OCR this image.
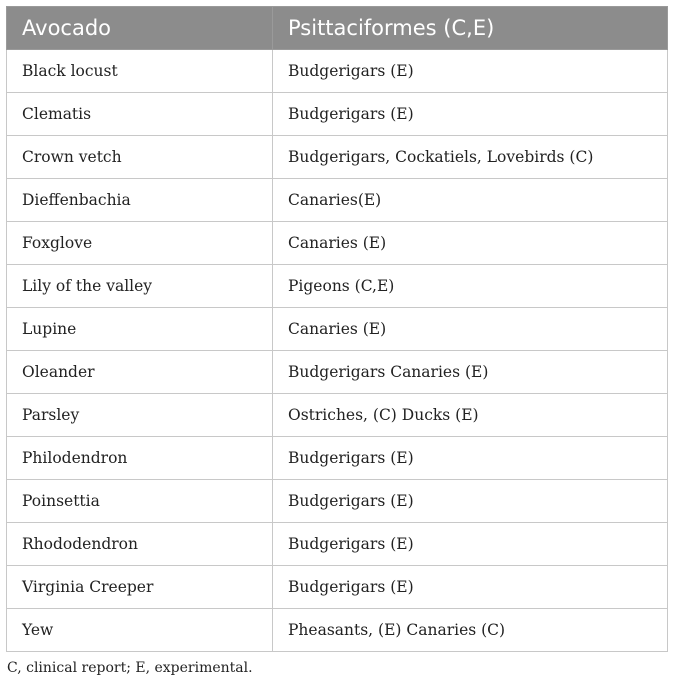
Avocado	Psittaciformes (C,E)
Black locust	Budgerigars (E)
Clematis	Budgerigars (E)
Crown vetch	Budgerigars, Cockatiels, Lovebirds (C)
Dieffenbachia	Canaries(E)
Foxglove	Canaries (E)
Lily of the valley	Pigeons (C,E)
Lupine	Canaries (E)
Oleander	Budgerigars Canaries (E)
Parsley	Ostriches, (C) Ducks (E)
Philodendron	Budgerigars (E)
Poinsettia	Budgerigars (E)
Rhododendron	Budgerigars (E)
Virginia Creeper	Budgerigars (E)
Yew	Pheasants, (E) Canaries (C)
C, clinical report; E, experimental.
